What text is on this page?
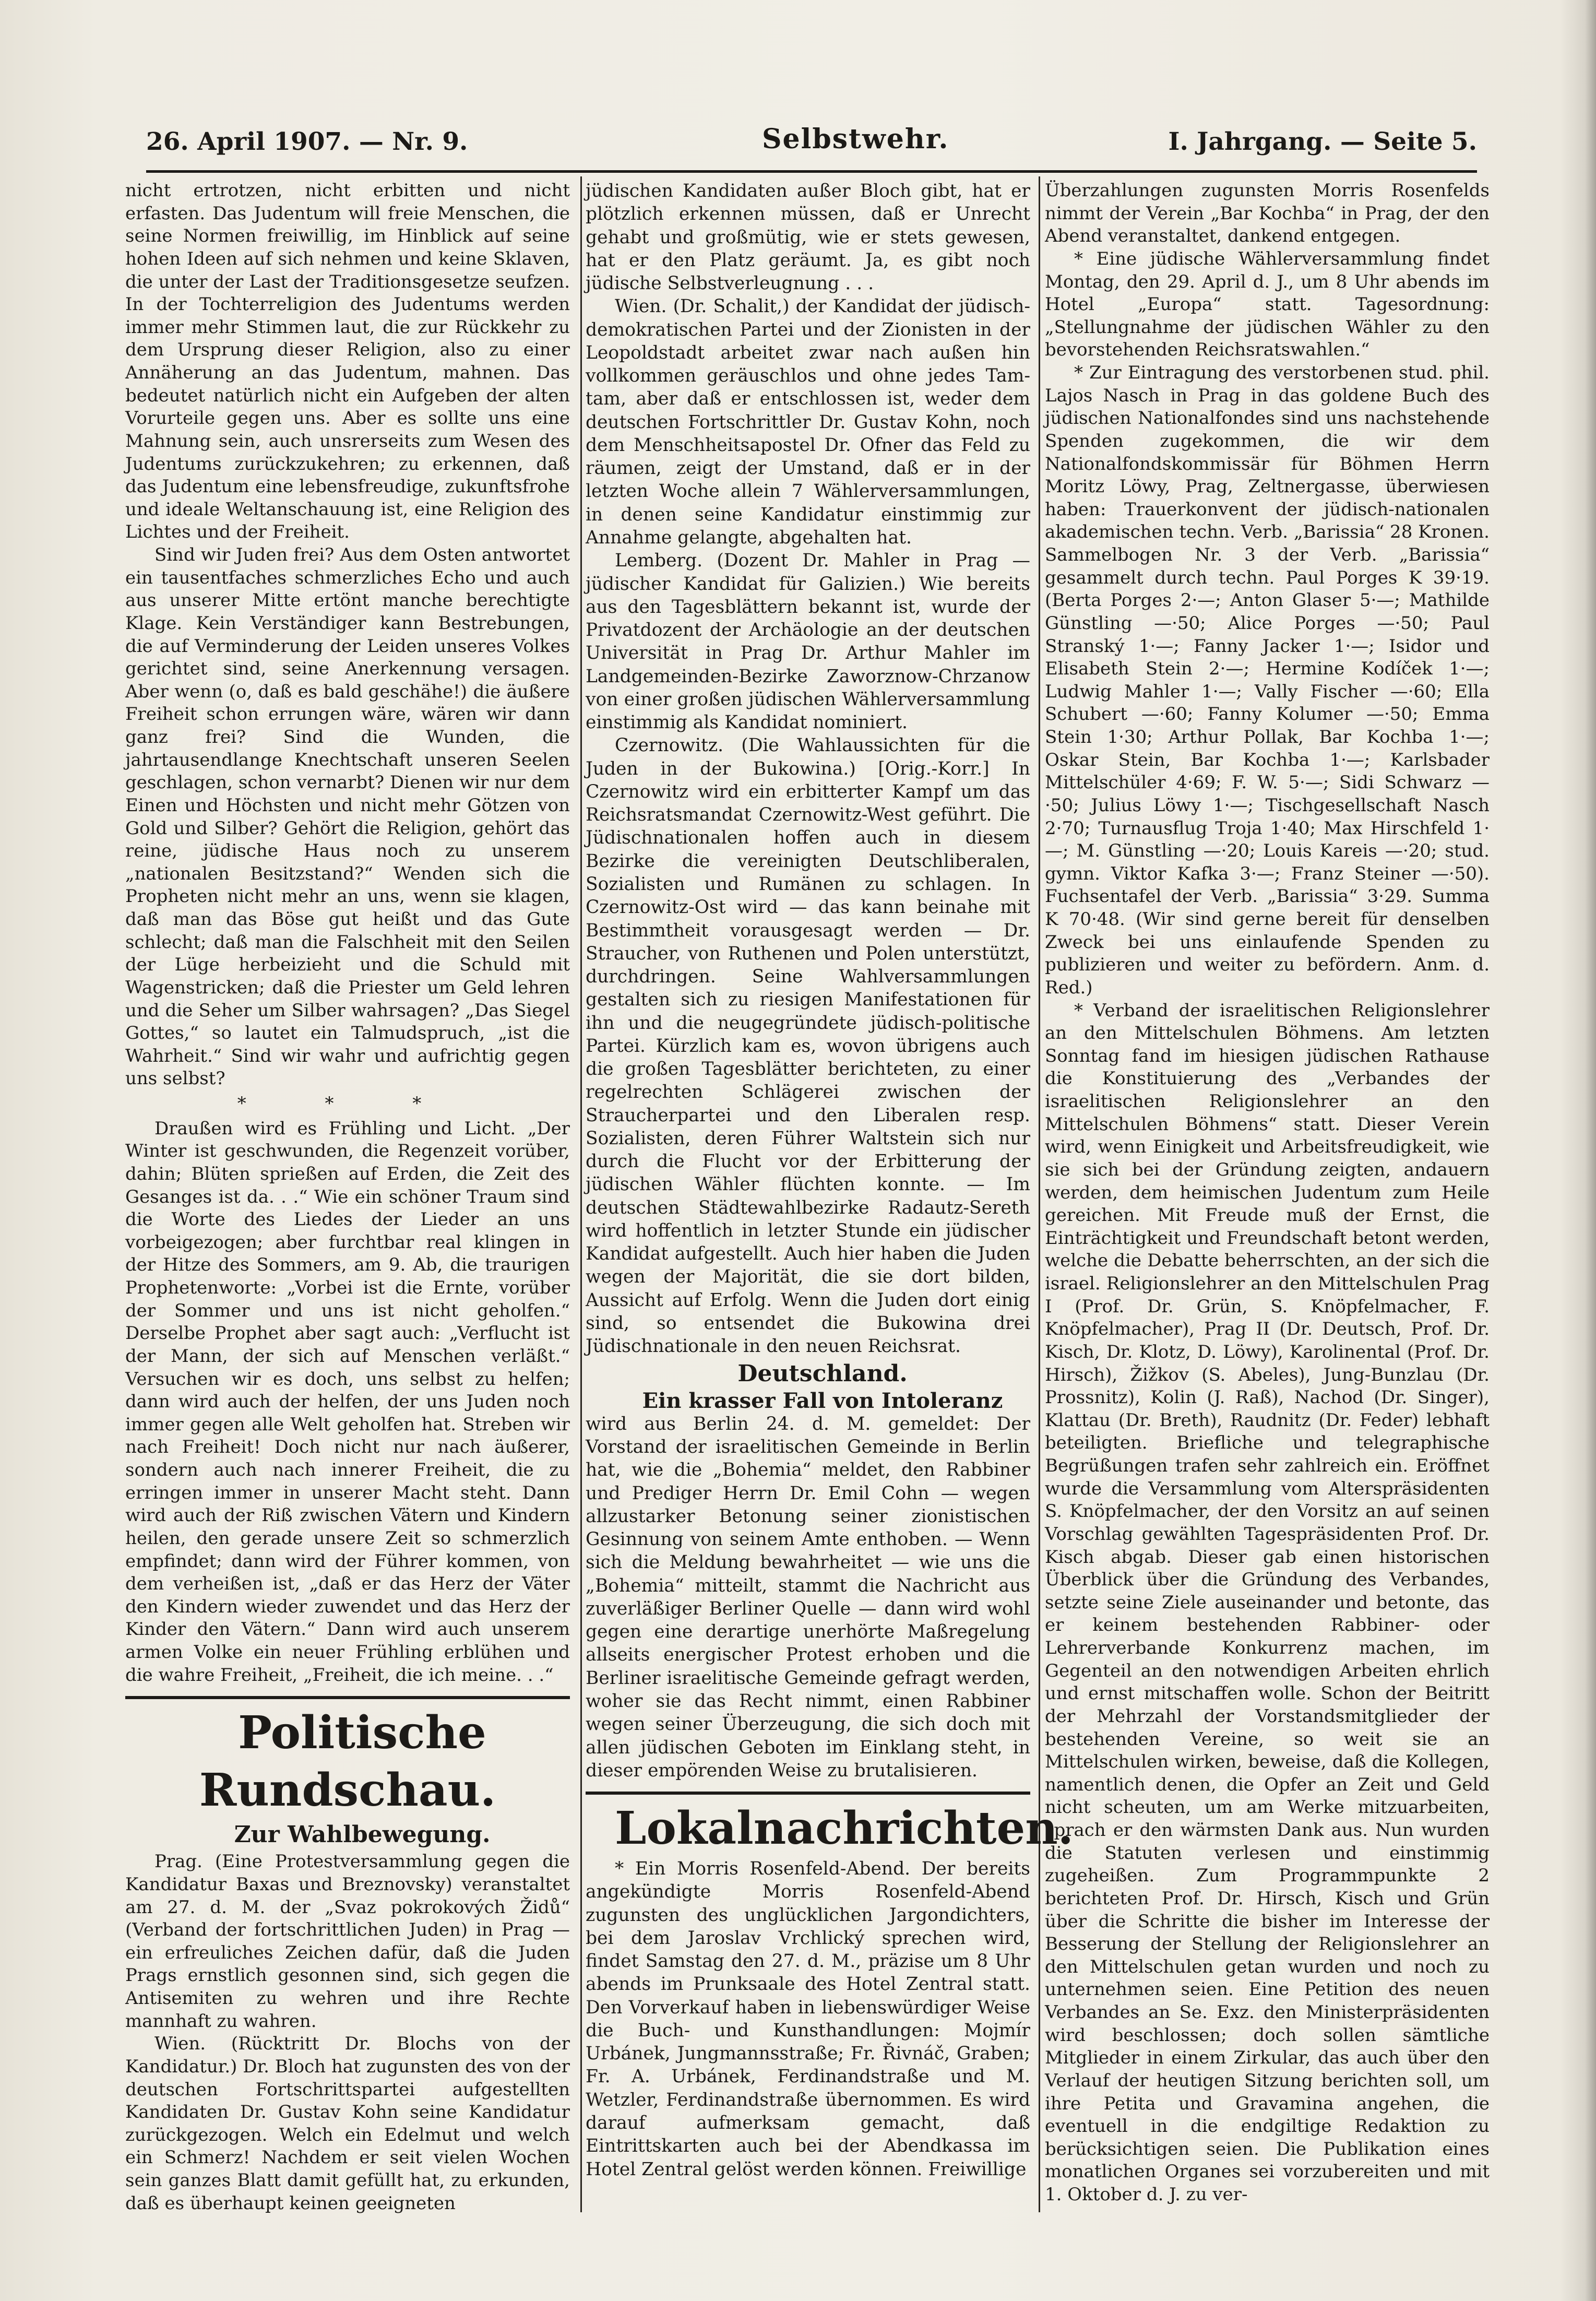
26. April 1907. — Nr. 9.	Selbstwehr.	I. Jahrgang. — Seite 5.

nicht ertrotzen, nicht erbitten und nicht erfasten. Das Judentum will freie Menschen, die seine Normen freiwillig, im Hinblick auf seine hohen Ideen auf sich nehmen und keine Sklaven, die unter der Last der Traditionsgesetze seufzen. In der Tochterreligion des Judentums werden immer mehr Stimmen laut, die zur Rückkehr zu dem Ursprung dieser Religion, also zu einer Annäherung an das Judentum, mahnen. Das bedeutet natürlich nicht ein Aufgeben der alten Vorurteile gegen uns. Aber es sollte uns eine Mahnung sein, auch unsrerseits zum Wesen des Judentums zurückzukehren; zu erkennen, daß das Judentum eine lebensfreudige, zukunftsfrohe und ideale Weltanschauung ist, eine Religion des Lichtes und der Freiheit.

Sind wir Juden frei? Aus dem Osten antwortet ein tausentfaches schmerzliches Echo und auch aus unserer Mitte ertönt manche berechtigte Klage. Kein Verständiger kann Bestrebungen, die auf Verminderung der Leiden unseres Volkes gerichtet sind, seine Anerkennung versagen. Aber wenn (o, daß es bald geschähe!) die äußere Freiheit schon errungen wäre, wären wir dann ganz frei? Sind die Wunden, die jahrtausendlange Knechtschaft unseren Seelen geschlagen, schon vernarbt? Dienen wir nur dem Einen und Höchsten und nicht mehr Götzen von Gold und Silber? Gehört die Religion, gehört das reine, jüdische Haus noch zu unserem „nationalen Besitzstand?“ Wenden sich die Propheten nicht mehr an uns, wenn sie klagen, daß man das Böse gut heißt und das Gute schlecht; daß man die Falschheit mit den Seilen der Lüge herbeizieht und die Schuld mit Wagenstricken; daß die Priester um Geld lehren und die Seher um Silber wahrsagen? „Das Siegel Gottes,“ so lautet ein Talmudspruch, „ist die Wahrheit.“ Sind wir wahr und aufrichtig gegen uns selbst?

* * *

Draußen wird es Frühling und Licht. „Der Winter ist geschwunden, die Regenzeit vorüber, dahin; Blüten sprießen auf Erden, die Zeit des Gesanges ist da. . .“ Wie ein schöner Traum sind die Worte des Liedes der Lieder an uns vorbeigezogen; aber furchtbar real klingen in der Hitze des Sommers, am 9. Ab, die traurigen Prophetenworte: „Vorbei ist die Ernte, vorüber der Sommer und uns ist nicht geholfen.“ Derselbe Prophet aber sagt auch: „Verflucht ist der Mann, der sich auf Menschen verläßt.“ Versuchen wir es doch, uns selbst zu helfen; dann wird auch der helfen, der uns Juden noch immer gegen alle Welt geholfen hat. Streben wir nach Freiheit! Doch nicht nur nach äußerer, sondern auch nach innerer Freiheit, die zu erringen immer in unserer Macht steht. Dann wird auch der Riß zwischen Vätern und Kindern heilen, den gerade unsere Zeit so schmerzlich empfindet; dann wird der Führer kommen, von dem verheißen ist, „daß er das Herz der Väter den Kindern wieder zuwendet und das Herz der Kinder den Vätern.“ Dann wird auch unserem armen Volke ein neuer Frühling erblühen und die wahre Freiheit, „Freiheit, die ich meine. . .“

Politische Rundschau.

Zur Wahlbewegung.

Prag. (Eine Protestversammlung gegen die Kandidatur Baxas und Breznovsky) veranstaltet am 27. d. M. der „Svaz pokrokových Židů“ (Verband der fortschrittlichen Juden) in Prag — ein erfreuliches Zeichen dafür, daß die Juden Prags ernstlich gesonnen sind, sich gegen die Antisemiten zu wehren und ihre Rechte mannhaft zu wahren.

Wien. (Rücktritt Dr. Blochs von der Kandidatur.) Dr. Bloch hat zugunsten des von der deutschen Fortschrittspartei aufgestellten Kandidaten Dr. Gustav Kohn seine Kandidatur zurückgezogen. Welch ein Edelmut und welch ein Schmerz! Nachdem er seit vielen Wochen sein ganzes Blatt damit gefüllt hat, zu erkunden, daß es überhaupt keinen geeigneten

jüdischen Kandidaten außer Bloch gibt, hat er plötzlich erkennen müssen, daß er Unrecht gehabt und großmütig, wie er stets gewesen, hat er den Platz geräumt. Ja, es gibt noch jüdische Selbstverleugnung . . .

Wien. (Dr. Schalit,) der Kandidat der jüdisch-demokratischen Partei und der Zionisten in der Leopoldstadt arbeitet zwar nach außen hin vollkommen geräuschlos und ohne jedes Tam-tam, aber daß er entschlossen ist, weder dem deutschen Fortschrittler Dr. Gustav Kohn, noch dem Menschheitsapostel Dr. Ofner das Feld zu räumen, zeigt der Umstand, daß er in der letzten Woche allein 7 Wählerversammlungen, in denen seine Kandidatur einstimmig zur Annahme gelangte, abgehalten hat.

Lemberg. (Dozent Dr. Mahler in Prag — jüdischer Kandidat für Galizien.) Wie bereits aus den Tagesblättern bekannt ist, wurde der Privatdozent der Archäologie an der deutschen Universität in Prag Dr. Arthur Mahler im Landgemeinden-Bezirke Zaworznow-Chrzanow von einer großen jüdischen Wählerversammlung einstimmig als Kandidat nominiert.

Czernowitz. (Die Wahlaussichten für die Juden in der Bukowina.) [Orig.-Korr.] In Czernowitz wird ein erbitterter Kampf um das Reichsratsmandat Czernowitz-West geführt. Die Jüdischnationalen hoffen auch in diesem Bezirke die vereinigten Deutschliberalen, Sozialisten und Rumänen zu schlagen. In Czernowitz-Ost wird — das kann beinahe mit Bestimmtheit vorausgesagt werden — Dr. Straucher, von Ruthenen und Polen unterstützt, durchdringen. Seine Wahlversammlungen gestalten sich zu riesigen Manifestationen für ihn und die neugegründete jüdisch-politische Partei. Kürzlich kam es, wovon übrigens auch die großen Tagesblätter berichteten, zu einer regelrechten Schlägerei zwischen der Straucherpartei und den Liberalen resp. Sozialisten, deren Führer Waltstein sich nur durch die Flucht vor der Erbitterung der jüdischen Wähler flüchten konnte. — Im deutschen Städtewahlbezirke Radautz-Sereth wird hoffentlich in letzter Stunde ein jüdischer Kandidat aufgestellt. Auch hier haben die Juden wegen der Majorität, die sie dort bilden, Aussicht auf Erfolg. Wenn die Juden dort einig sind, so entsendet die Bukowina drei Jüdischnationale in den neuen Reichsrat.

Deutschland.

Ein krasser Fall von Intoleranz

wird aus Berlin 24. d. M. gemeldet: Der Vorstand der israelitischen Gemeinde in Berlin hat, wie die „Bohemia“ meldet, den Rabbiner und Prediger Herrn Dr. Emil Cohn — wegen allzustarker Betonung seiner zionistischen Gesinnung von seinem Amte enthoben. — Wenn sich die Meldung bewahrheitet — wie uns die „Bohemia“ mitteilt, stammt die Nachricht aus zuverläßiger Berliner Quelle — dann wird wohl gegen eine derartige unerhörte Maßregelung allseits energischer Protest erhoben und die Berliner israelitische Gemeinde gefragt werden, woher sie das Recht nimmt, einen Rabbiner wegen seiner Überzeugung, die sich doch mit allen jüdischen Geboten im Einklang steht, in dieser empörenden Weise zu brutalisieren.

Lokalnachrichten.

* Ein Morris Rosenfeld-Abend. Der bereits angekündigte Morris Rosenfeld-Abend zugunsten des unglücklichen Jargondichters, bei dem Jaroslav Vrchlický sprechen wird, findet Samstag den 27. d. M., präzise um 8 Uhr abends im Prunksaale des Hotel Zentral statt. Den Vorverkauf haben in liebenswürdiger Weise die Buch- und Kunsthandlungen: Mojmír Urbánek, Jungmannsstraße; Fr. Řivnáč, Graben; Fr. A. Urbánek, Ferdinandstraße und M. Wetzler, Ferdinandstraße übernommen. Es wird darauf aufmerksam gemacht, daß Eintrittskarten auch bei der Abendkassa im Hotel Zentral gelöst werden können. Freiwillige

Überzahlungen zugunsten Morris Rosenfelds nimmt der Verein „Bar Kochba“ in Prag, der den Abend veranstaltet, dankend entgegen.

* Eine jüdische Wählerversammlung findet Montag, den 29. April d. J., um 8 Uhr abends im Hotel „Europa“ statt. Tagesordnung: „Stellungnahme der jüdischen Wähler zu den bevorstehenden Reichsratswahlen.“

* Zur Eintragung des verstorbenen stud. phil. Lajos Nasch in Prag in das goldene Buch des jüdischen Nationalfondes sind uns nachstehende Spenden zugekommen, die wir dem Nationalfondskommissär für Böhmen Herrn Moritz Löwy, Prag, Zeltnergasse, überwiesen haben: Trauerkonvent der jüdisch-nationalen akademischen techn. Verb. „Barissia“ 28 Kronen. Sammelbogen Nr. 3 der Verb. „Barissia“ gesammelt durch techn. Paul Porges K 39·19. (Berta Porges 2·—; Anton Glaser 5·—; Mathilde Günstling —·50; Alice Porges —·50; Paul Stranský 1·—; Fanny Jacker 1·—; Isidor und Elisabeth Stein 2·—; Hermine Kodíček 1·—; Ludwig Mahler 1·—; Vally Fischer —·60; Ella Schubert —·60; Fanny Kolumer —·50; Emma Stein 1·30; Arthur Pollak, Bar Kochba 1·—; Oskar Stein, Bar Kochba 1·—; Karlsbader Mittelschüler 4·69; F. W. 5·—; Sidi Schwarz —·50; Julius Löwy 1·—; Tischgesellschaft Nasch 2·70; Turnausflug Troja 1·40; Max Hirschfeld 1·—; M. Günstling —·20; Louis Kareis —·20; stud. gymn. Viktor Kafka 3·—; Franz Steiner —·50). Fuchsentafel der Verb. „Barissia“ 3·29. Summa K 70·48. (Wir sind gerne bereit für denselben Zweck bei uns einlaufende Spenden zu publizieren und weiter zu befördern. Anm. d. Red.)

* Verband der israelitischen Religionslehrer an den Mittelschulen Böhmens. Am letzten Sonntag fand im hiesigen jüdischen Rathause die Konstituierung des „Verbandes der israelitischen Religionslehrer an den Mittelschulen Böhmens“ statt. Dieser Verein wird, wenn Einigkeit und Arbeitsfreudigkeit, wie sie sich bei der Gründung zeigten, andauern werden, dem heimischen Judentum zum Heile gereichen. Mit Freude muß der Ernst, die Einträchtigkeit und Freundschaft betont werden, welche die Debatte beherrschten, an der sich die israel. Religionslehrer an den Mittelschulen Prag I (Prof. Dr. Grün, S. Knöpfelmacher, F. Knöpfelmacher), Prag II (Dr. Deutsch, Prof. Dr. Kisch, Dr. Klotz, D. Löwy), Karolinental (Prof. Dr. Hirsch), Žižkov (S. Abeles), Jung-Bunzlau (Dr. Prossnitz), Kolin (J. Raß), Nachod (Dr. Singer), Klattau (Dr. Breth), Raudnitz (Dr. Feder) lebhaft beteiligten. Briefliche und telegraphische Begrüßungen trafen sehr zahlreich ein. Eröffnet wurde die Versammlung vom Alterspräsidenten S. Knöpfelmacher, der den Vorsitz an auf seinen Vorschlag gewählten Tagespräsidenten Prof. Dr. Kisch abgab. Dieser gab einen historischen Überblick über die Gründung des Verbandes, setzte seine Ziele auseinander und betonte, das er keinem bestehenden Rabbiner- oder Lehrerverbande Konkurrenz machen, im Gegenteil an den notwendigen Arbeiten ehrlich und ernst mitschaffen wolle. Schon der Beitritt der Mehrzahl der Vorstandsmitglieder der bestehenden Vereine, so weit sie an Mittelschulen wirken, beweise, daß die Kollegen, namentlich denen, die Opfer an Zeit und Geld nicht scheuten, um am Werke mitzuarbeiten, sprach er den wärmsten Dank aus. Nun wurden die Statuten verlesen und einstimmig zugeheißen. Zum Programmpunkte 2 berichteten Prof. Dr. Hirsch, Kisch und Grün über die Schritte die bisher im Interesse der Besserung der Stellung der Religionslehrer an den Mittelschulen getan wurden und noch zu unternehmen seien. Eine Petition des neuen Verbandes an Se. Exz. den Ministerpräsidenten wird beschlossen; doch sollen sämtliche Mitglieder in einem Zirkular, das auch über den Verlauf der heutigen Sitzung berichten soll, um ihre Petita und Gravamina angehen, die eventuell in die endgiltige Redaktion zu berücksichtigen seien. Die Publikation eines monatlichen Organes sei vorzubereiten und mit 1. Oktober d. J. zu ver-
